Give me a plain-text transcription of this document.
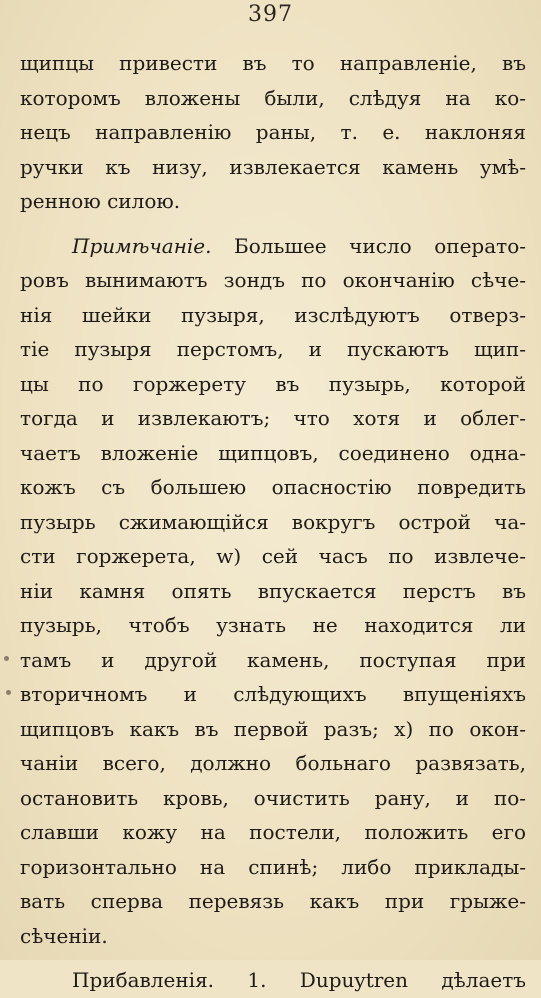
397
щипцы привести въ то направленіе, въ
которомъ вложены были, слѣдуя на ко-
нецъ направленію раны, т. е. наклоняя
ручки къ низу, извлекается камень умѣ-
ренною силою.
Примѣчаніе. Большее число операто-
ровъ вынимаютъ зондъ по окончанію сѣче-
нія шейки пузыря, изслѣдуютъ отверз-
тіе пузыря перстомъ, и пускаютъ щип-
цы по горжерету въ пузырь, которой
тогда и извлекаютъ; что хотя и облег-
чаетъ вложеніе щипцовъ, соединено одна-
кожъ съ большею опасностію повредить
пузырь сжимающійся вокругъ острой ча-
сти горжерета, w) сей часъ по извлече-
ніи камня опять впускается перстъ въ
пузырь, чтобъ узнать не находится ли
тамъ и другой камень, поступая при
вторичномъ и слѣдующихъ впущеніяхъ
щипцовъ какъ въ первой разъ; x) по окон-
чаніи всего, должно больнаго развязать,
остановить кровь, очистить рану, и по-
славши кожу на постели, положить его
горизонтально на спинѣ; либо приклады-
вать сперва перевязь какъ при грыже-
сѣченіи.
Прибавленія. 1. Dupuytren дѣлаетъ
